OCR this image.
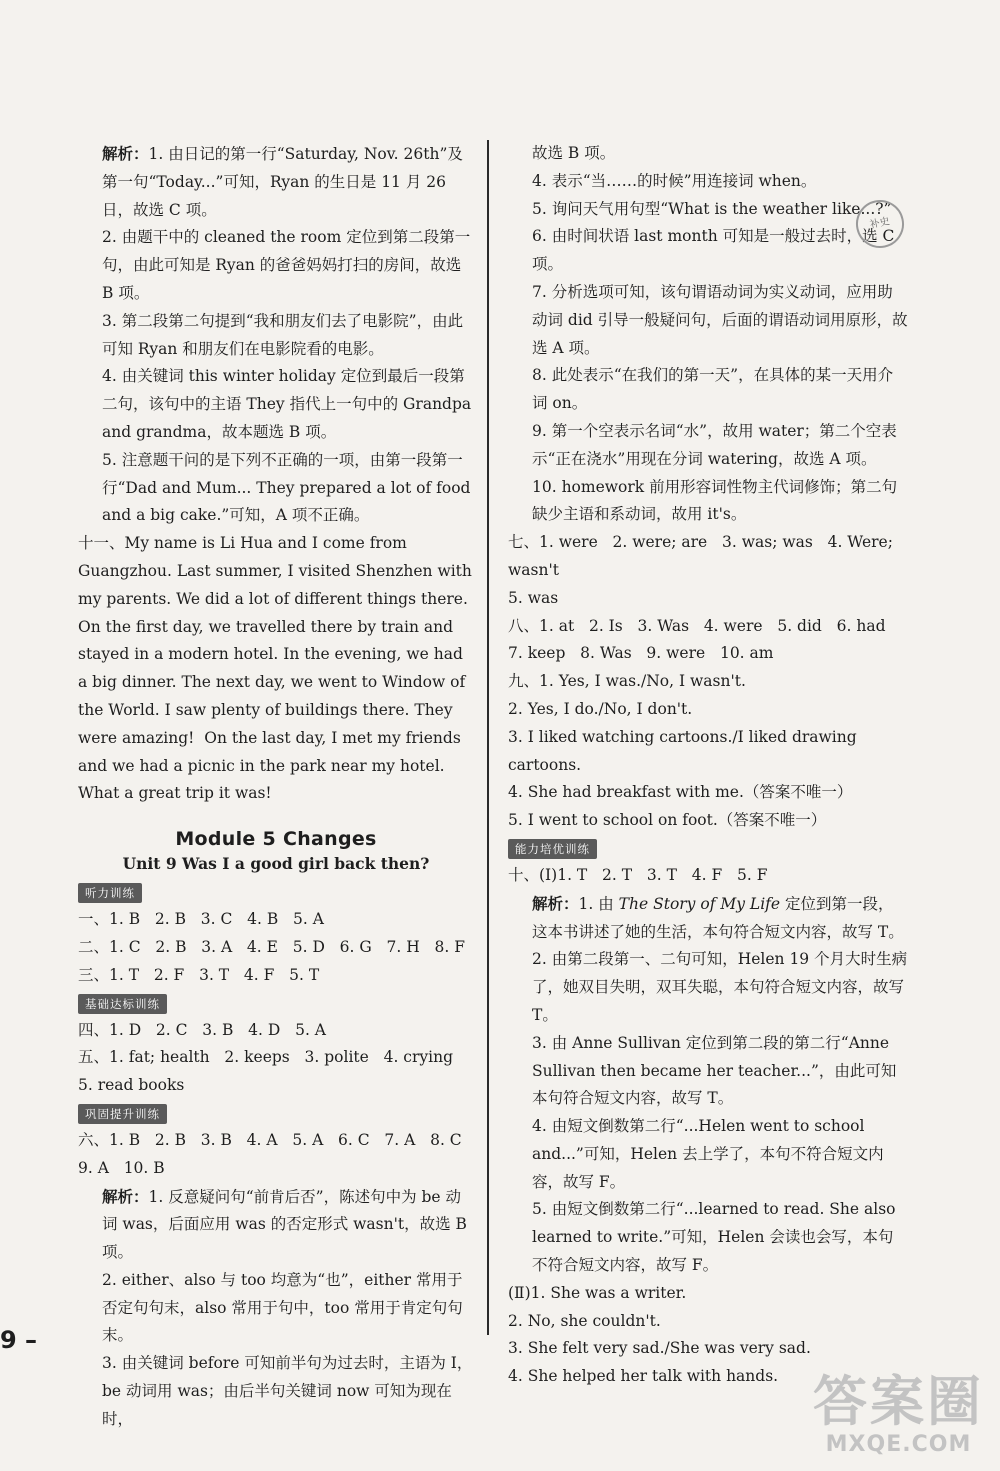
解析：1. 由日记的第一行“Saturday, Nov. 26th”及第一句“Today...”可知，Ryan 的生日是 11 月 26 日，故选 C 项。

2. 由题干中的 cleaned the room 定位到第二段第一句，由此可知是 Ryan 的爸爸妈妈打扫的房间，故选 B 项。

3. 第二段第二句提到“我和朋友们去了电影院”，由此可知 Ryan 和朋友们在电影院看的电影。

4. 由关键词 this winter holiday 定位到最后一段第二句，该句中的主语 They 指代上一句中的 Grandpa and grandma，故本题选 B 项。

5. 注意题干问的是下列不正确的一项，由第一段第一行“Dad and Mum... They prepared a lot of food and a big cake.”可知，A 项不正确。

十一、My name is Li Hua and I come from Guangzhou. Last summer, I visited Shenzhen with my parents. We did a lot of different things there. On the first day, we travelled there by train and stayed in a modern hotel. In the evening, we had a big dinner. The next day, we went to Window of the World. I saw plenty of buildings there. They were amazing!  On the last day, I met my friends and we had a picnic in the park near my hotel. What a great trip it was!

Module 5 Changes
Unit 9 Was I a good girl back then?
听力训练

一、1. B   2. B   3. C   4. B   5. A

二、1. C   2. B   3. A   4. E   5. D   6. G   7. H   8. F

三、1. T   2. F   3. T   4. F   5. T

基础达标训练

四、1. D   2. C   3. B   4. D   5. A

五、1. fat; health   2. keeps   3. polite   4. crying

5. read books

巩固提升训练

六、1. B   2. B   3. B   4. A   5. A   6. C   7. A   8. C

9. A   10. B

解析：1. 反意疑问句“前肯后否”，陈述句中为 be 动词 was，后面应用 was 的否定形式 wasn't，故选 B 项。

2. either、also 与 too 均意为“也”，either 常用于否定句句末，also 常用于句中，too 常用于肯定句句末。

3. 由关键词 before 可知前半句为过去时，主语为 I，be 动词用 was；由后半句关键词 now 可知为现在时，

故选 B 项。

4. 表示“当……的时候”用连接词 when。

5. 询问天气用句型“What is the weather like...?”

6. 由时间状语 last month 可知是一般过去时，选 C 项。

7. 分析选项可知，该句谓语动词为实义动词，应用助动词 did 引导一般疑问句，后面的谓语动词用原形，故选 A 项。

8. 此处表示“在我们的第一天”，在具体的某一天用介词 on。

9. 第一个空表示名词“水”，故用 water；第二个空表示“正在浇水”用现在分词 watering，故选 A 项。

10. homework 前用形容词性物主代词修饰；第二句缺少主语和系动词，故用 it's。

七、1. were   2. were; are   3. was; was   4. Were; wasn't

5. was

八、1. at   2. Is   3. Was   4. were   5. did   6. had

7. keep   8. Was   9. were   10. am

九、1. Yes, I was./No, I wasn't.

2. Yes, I do./No, I don't.

3. I liked watching cartoons./I liked drawing cartoons.

4. She had breakfast with me.（答案不唯一）

5. I went to school on foot.（答案不唯一）

能力培优训练

十、(Ⅰ)1. T   2. T   3. T   4. F   5. F

解析：1. 由 The Story of My Life 定位到第一段，这本书讲述了她的生活，本句符合短文内容，故写 T。

2. 由第二段第一、二句可知，Helen 19 个月大时生病了，她双目失明，双耳失聪，本句符合短文内容，故写 T。

3. 由 Anne Sullivan 定位到第二段的第二行“Anne Sullivan then became her teacher...”，由此可知本句符合短文内容，故写 T。

4. 由短文倒数第二行“...Helen went to school and...”可知，Helen 去上学了，本句不符合短文内容，故写 F。

5. 由短文倒数第二行“...learned to read. She also learned to write.”可知，Helen 会读也会写，本句不符合短文内容，故写 F。

(Ⅱ)1. She was a writer.

2. No, she couldn't.

3. She felt very sad./She was very sad.

4. She helped her talk with hands.

补史
9 –
答案圈
MXQE.COM
